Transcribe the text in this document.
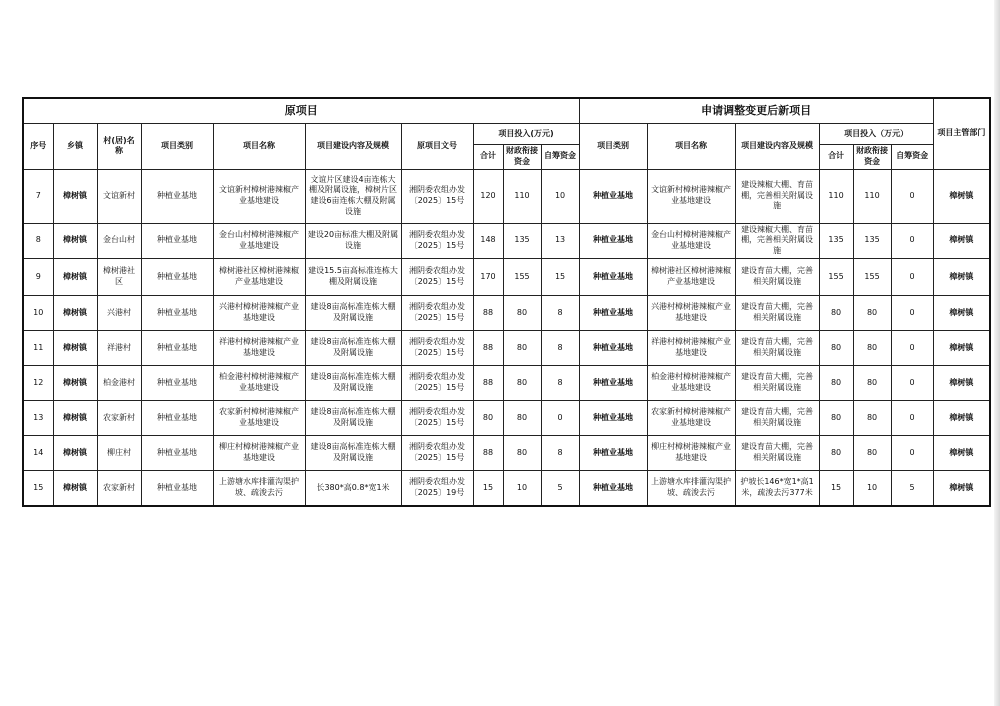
原项目										申请调整变更后新项目						项目主管部门
序号	乡镇	村(居)名称	项目类别	项目名称	项目建设内容及规模	原项目文号	项目投入(万元)			项目类别	项目名称	项目建设内容及规模	项目投入（万元）			
							合计	财政衔接资金	自筹资金				合计	财政衔接资金	自筹资金	
7	樟树镇	文谊新村	种植业基地	文谊新村樟树港辣椒产业基地建设	文谊片区建设4亩连栋大棚及附属设施，樟树片区建设6亩连栋大棚及附属设施	湘阴委农组办发〔2025〕15号	120	110	10	种植业基地	文谊新村樟树港辣椒产业基地建设	建设辣椒大棚、育苗棚，完善相关附属设施	110	110	0	樟树镇
8	樟树镇	金台山村	种植业基地	金台山村樟树港辣椒产业基地建设	建设20亩标准大棚及附属设施	湘阴委农组办发〔2025〕15号	148	135	13	种植业基地	金台山村樟树港辣椒产业基地建设	建设辣椒大棚、育苗棚，完善相关附属设施	135	135	0	樟树镇
9	樟树镇	樟树港社区	种植业基地	樟树港社区樟树港辣椒产业基地建设	建设15.5亩高标准连栋大棚及附属设施	湘阴委农组办发〔2025〕15号	170	155	15	种植业基地	樟树港社区樟树港辣椒产业基地建设	建设育苗大棚，完善相关附属设施	155	155	0	樟树镇
10	樟树镇	兴港村	种植业基地	兴港村樟树港辣椒产业基地建设	建设8亩高标准连栋大棚及附属设施	湘阴委农组办发〔2025〕15号	88	80	8	种植业基地	兴港村樟树港辣椒产业基地建设	建设育苗大棚，完善相关附属设施	80	80	0	樟树镇
11	樟树镇	祥港村	种植业基地	祥港村樟树港辣椒产业基地建设	建设8亩高标准连栋大棚及附属设施	湘阴委农组办发〔2025〕15号	88	80	8	种植业基地	祥港村樟树港辣椒产业基地建设	建设育苗大棚，完善相关附属设施	80	80	0	樟树镇
12	樟树镇	柏金港村	种植业基地	柏金港村樟树港辣椒产业基地建设	建设8亩高标准连栋大棚及附属设施	湘阴委农组办发〔2025〕15号	88	80	8	种植业基地	柏金港村樟树港辣椒产业基地建设	建设育苗大棚，完善相关附属设施	80	80	0	樟树镇
13	樟树镇	农家新村	种植业基地	农家新村樟树港辣椒产业基地建设	建设8亩高标准连栋大棚及附属设施	湘阴委农组办发〔2025〕15号	80	80	0	种植业基地	农家新村樟树港辣椒产业基地建设	建设育苗大棚，完善相关附属设施	80	80	0	樟树镇
14	樟树镇	柳庄村	种植业基地	柳庄村樟树港辣椒产业基地建设	建设8亩高标准连栋大棚及附属设施	湘阴委农组办发〔2025〕15号	88	80	8	种植业基地	柳庄村樟树港辣椒产业基地建设	建设育苗大棚，完善相关附属设施	80	80	0	樟树镇
15	樟树镇	农家新村	种植业基地	上游塘水库排灌沟渠护坡、疏浚去污	长380*高0.8*宽1米	湘阴委农组办发〔2025〕19号	15	10	5	种植业基地	上游塘水库排灌沟渠护坡、疏浚去污	护坡长146*宽1*高1米，疏浚去污377米	15	10	5	樟树镇
